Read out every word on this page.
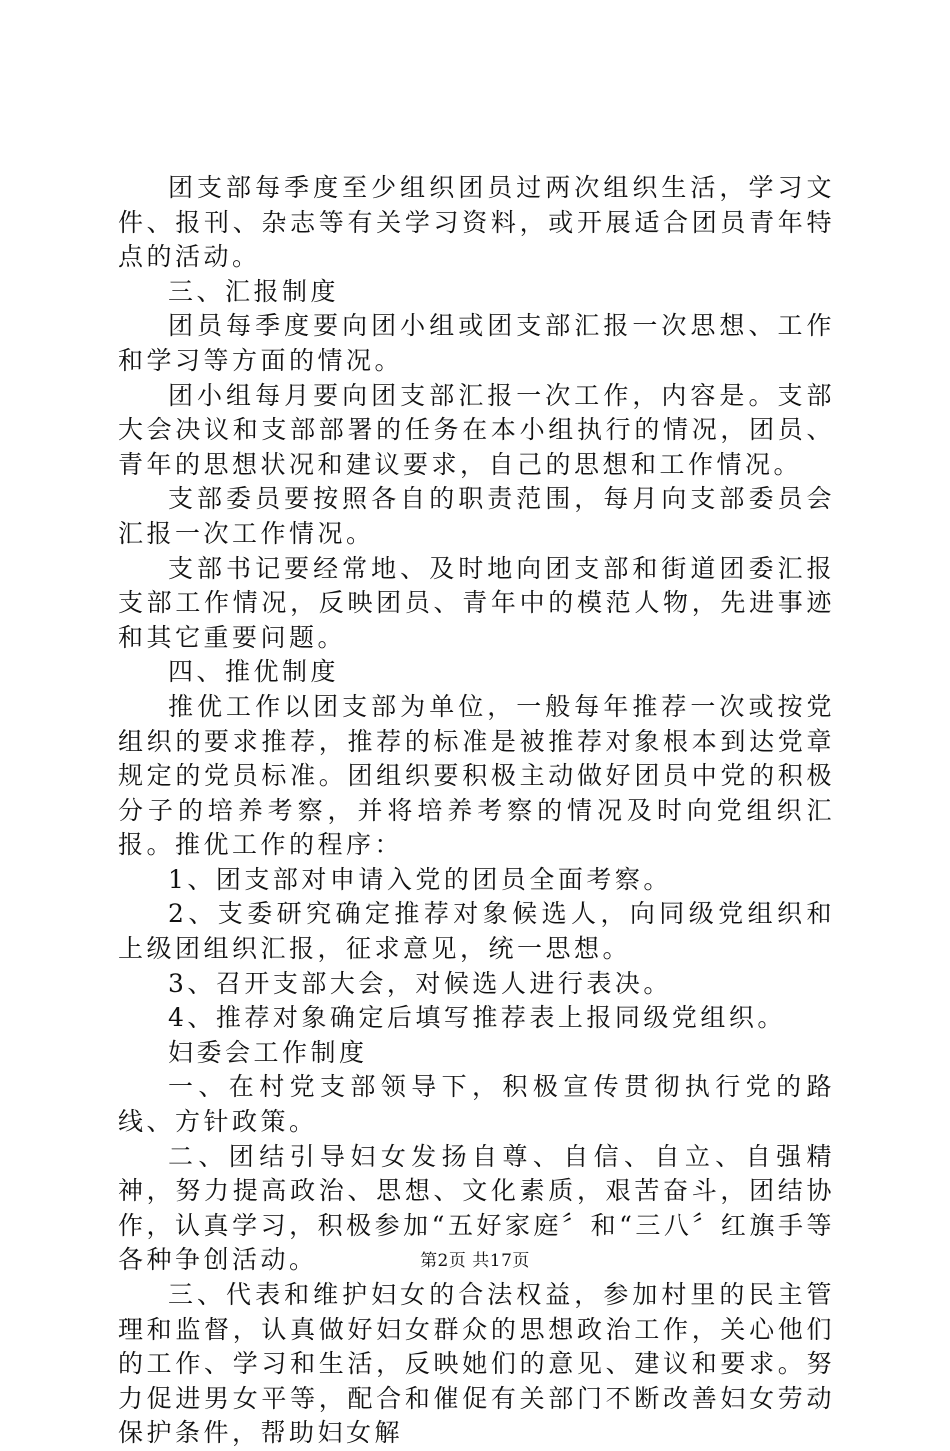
团支部每季度至少组织团员过两次组织生活，学习文件、报刊、杂志等有关学习资料，或开展适合团员青年特点的活动。

三、汇报制度

团员每季度要向团小组或团支部汇报一次思想、工作和学习等方面的情况。

团小组每月要向团支部汇报一次工作，内容是。支部大会决议和支部部署的任务在本小组执行的情况，团员、青年的思想状况和建议要求，自己的思想和工作情况。

支部委员要按照各自的职责范围，每月向支部委员会汇报一次工作情况。

支部书记要经常地、及时地向团支部和街道团委汇报支部工作情况，反映团员、青年中的模范人物，先进事迹和其它重要问题。

四、推优制度

推优工作以团支部为单位，一般每年推荐一次或按党组织的要求推荐，推荐的标准是被推荐对象根本到达党章规定的党员标准。团组织要积极主动做好团员中党的积极分子的培养考察，并将培养考察的情况及时向党组织汇报。推优工作的程序：

1、团支部对申请入党的团员全面考察。

2、支委研究确定推荐对象候选人，向同级党组织和上级团组织汇报，征求意见，统一思想。

3、召开支部大会，对候选人进行表决。

4、推荐对象确定后填写推荐表上报同级党组织。

妇委会工作制度

一、在村党支部领导下，积极宣传贯彻执行党的路线、方针政策。

二、团结引导妇女发扬自尊、自信、自立、自强精神，努力提高政治、思想、文化素质，艰苦奋斗，团结协作，认真学习，积极参加“五好家庭〞和“三八〞红旗手等各种争创活动。

三、代表和维护妇女的合法权益，参加村里的民主管理和监督，认真做好妇女群众的思想政治工作，关心他们的工作、学习和生活，反映她们的意见、建议和要求。努力促进男女平等，配合和催促有关部门不断改善妇女劳动保护条件，帮助妇女解

第2页 共17页
